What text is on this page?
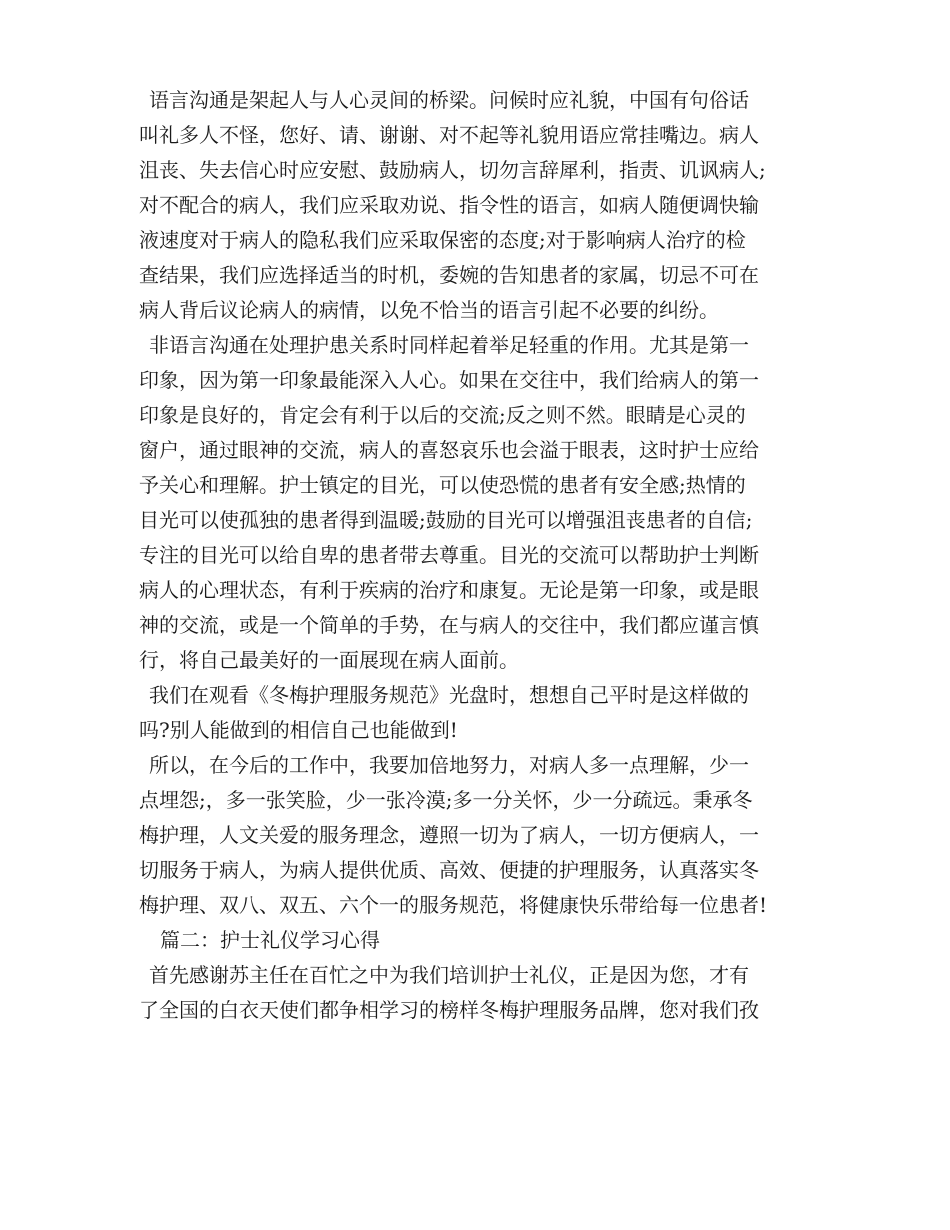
语言沟通是架起人与人心灵间的桥梁。问候时应礼貌，中国有句俗话

叫礼多人不怪，您好、请、谢谢、对不起等礼貌用语应常挂嘴边。病人

沮丧、失去信心时应安慰、鼓励病人，切勿言辞犀利，指责、讥讽病人;

对不配合的病人，我们应采取劝说、指令性的语言，如病人随便调快输

液速度对于病人的隐私我们应采取保密的态度;对于影响病人治疗的检

查结果，我们应选择适当的时机，委婉的告知患者的家属，切忌不可在

病人背后议论病人的病情，以免不恰当的语言引起不必要的纠纷。

非语言沟通在处理护患关系时同样起着举足轻重的作用。尤其是第一

印象，因为第一印象最能深入人心。如果在交往中，我们给病人的第一

印象是良好的，肯定会有利于以后的交流;反之则不然。眼睛是心灵的

窗户，通过眼神的交流，病人的喜怒哀乐也会溢于眼表，这时护士应给

予关心和理解。护士镇定的目光，可以使恐慌的患者有安全感;热情的

目光可以使孤独的患者得到温暖;鼓励的目光可以增强沮丧患者的自信;

专注的目光可以给自卑的患者带去尊重。目光的交流可以帮助护士判断

病人的心理状态，有利于疾病的治疗和康复。无论是第一印象，或是眼

神的交流，或是一个简单的手势，在与病人的交往中，我们都应谨言慎

行，将自己最美好的一面展现在病人面前。

我们在观看《冬梅护理服务规范》光盘时，想想自己平时是这样做的

吗?别人能做到的相信自己也能做到!

所以，在今后的工作中，我要加倍地努力，对病人多一点理解，少一

点埋怨;，多一张笑脸，少一张冷漠;多一分关怀，少一分疏远。秉承冬

梅护理，人文关爱的服务理念，遵照一切为了病人，一切方便病人，一

切服务于病人，为病人提供优质、高效、便捷的护理服务，认真落实冬

梅护理、双八、双五、六个一的服务规范，将健康快乐带给每一位患者!

篇二：护士礼仪学习心得

首先感谢苏主任在百忙之中为我们培训护士礼仪，正是因为您，才有

了全国的白衣天使们都争相学习的榜样冬梅护理服务品牌，您对我们孜
